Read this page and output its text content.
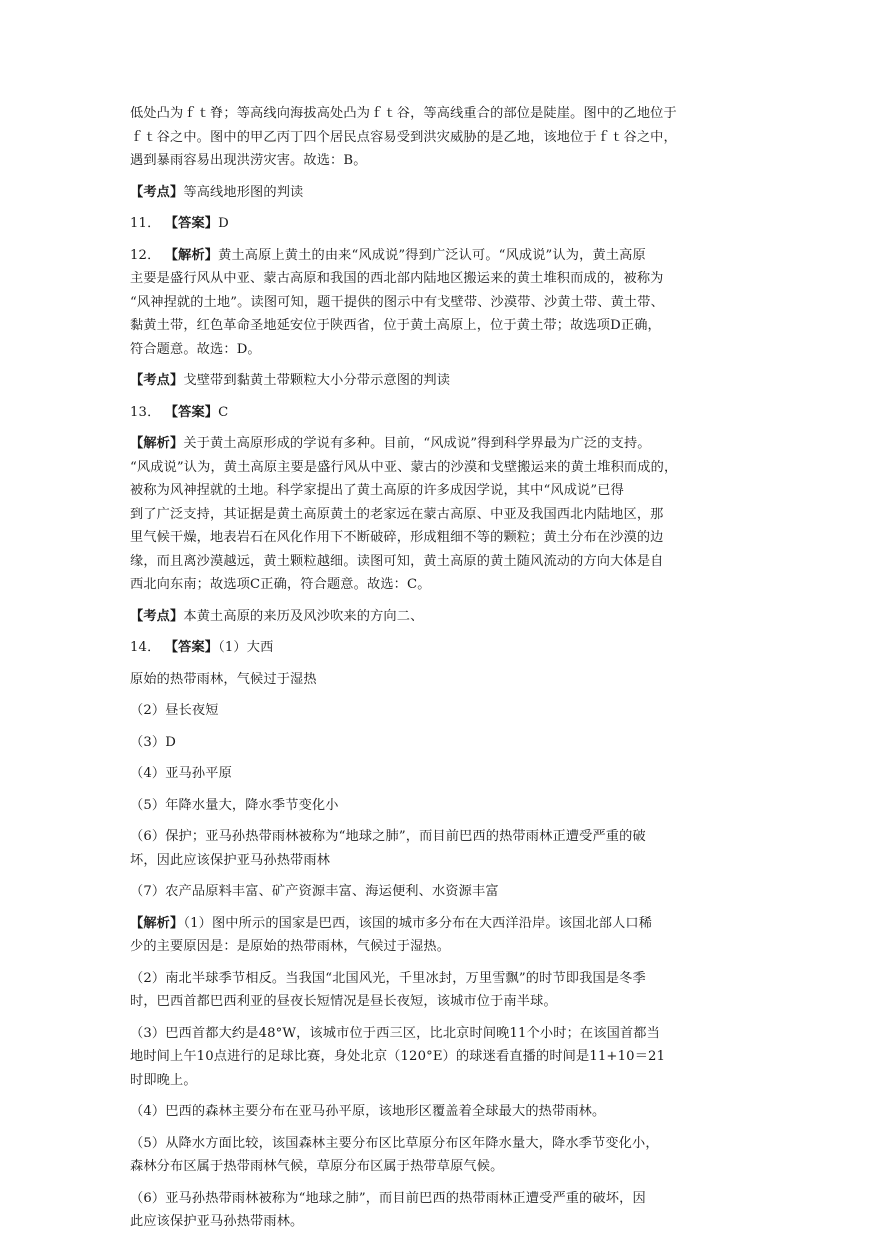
低处凸为ｆｔ脊；等高线向海拔高处凸为ｆｔ谷，等高线重合的部位是陡崖。图中的乙地位于
ｆｔ谷之中。图中的甲乙丙丁四个居民点容易受到洪灾威胁的是乙地，该地位于ｆｔ谷之中，
遇到暴雨容易出现洪涝灾害。故选：B。
【考点】等高线地形图的判读
11． 【答案】D
12． 【解析】黄土高原上黄土的由来“风成说”得到广泛认可。“风成说”认为，黄土高原
主要是盛行风从中亚、蒙古高原和我国的西北部内陆地区搬运来的黄土堆积而成的，被称为
“风神捏就的土地”。读图可知，题干提供的图示中有戈壁带、沙漠带、沙黄土带、黄土带、
黏黄土带，红色革命圣地延安位于陕西省，位于黄土高原上，位于黄土带；故选项D正确，
符合题意。故选：D。
【考点】戈壁带到黏黄土带颗粒大小分带示意图的判读
13． 【答案】C
【解析】关于黄土高原形成的学说有多种。目前，“风成说”得到科学界最为广泛的支持。
“风成说”认为，黄土高原主要是盛行风从中亚、蒙古的沙漠和戈壁搬运来的黄土堆积而成的，
被称为风神捏就的土地。科学家提出了黄土高原的许多成因学说，其中“风成说”已得
到了广泛支持，其证据是黄土高原黄土的老家远在蒙古高原、中亚及我国西北内陆地区，那
里气候干燥，地表岩石在风化作用下不断破碎，形成粗细不等的颗粒；黄土分布在沙漠的边
缘，而且离沙漠越远，黄土颗粒越细。读图可知，黄土高原的黄土随风流动的方向大体是自
西北向东南；故选项C正确，符合题意。故选：C。
【考点】本黄土高原的来历及风沙吹来的方向二、
14． 【答案】（1）大西
原始的热带雨林，气候过于湿热
（2）昼长夜短
（3）D
（4）亚马孙平原
（5）年降水量大，降水季节变化小
（6）保护；亚马孙热带雨林被称为“地球之肺”，而目前巴西的热带雨林正遭受严重的破
坏，因此应该保护亚马孙热带雨林
（7）农产品原料丰富、矿产资源丰富、海运便利、水资源丰富
【解析】（1）图中所示的国家是巴西，该国的城市多分布在大西洋沿岸。该国北部人口稀
少的主要原因是：是原始的热带雨林，气候过于湿热。
（2）南北半球季节相反。当我国“北国风光，千里冰封，万里雪飘”的时节即我国是冬季
时，巴西首都巴西利亚的昼夜长短情况是昼长夜短，该城市位于南半球。
（3）巴西首都大约是48°W，该城市位于西三区，比北京时间晚11个小时；在该国首都当
地时间上午10点进行的足球比赛，身处北京（120°E）的球迷看直播的时间是11+10＝21
时即晚上。
（4）巴西的森林主要分布在亚马孙平原，该地形区覆盖着全球最大的热带雨林。
（5）从降水方面比较，该国森林主要分布区比草原分布区年降水量大，降水季节变化小，
森林分布区属于热带雨林气候，草原分布区属于热带草原气候。
（6）亚马孙热带雨林被称为“地球之肺”，而目前巴西的热带雨林正遭受严重的破坏，因
此应该保护亚马孙热带雨林。
